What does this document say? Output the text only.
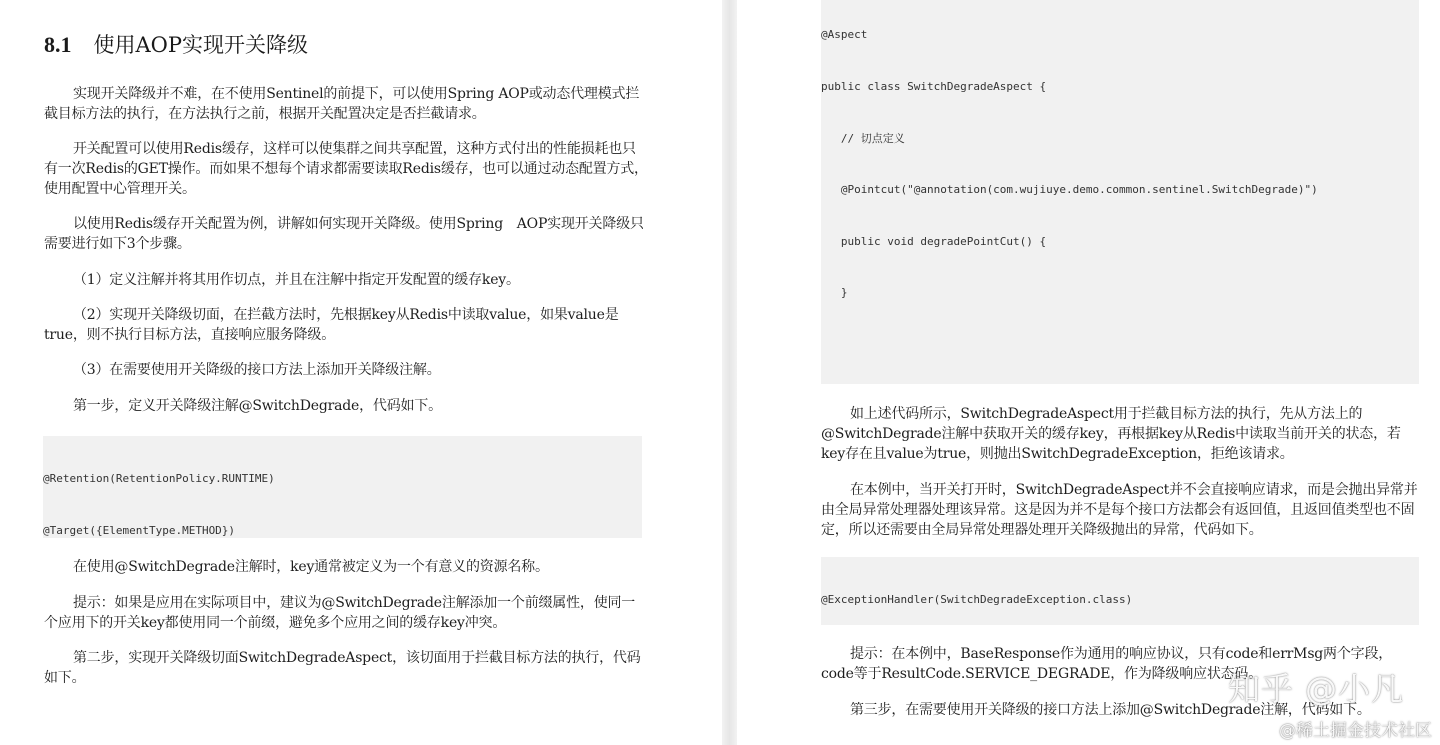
8.1 使用AOP实现开关降级

实现开关降级并不难，在不使用Sentinel的前提下，可以使用Spring AOP或动态代理模式拦截目标方法的执行，在方法执行之前，根据开关配置决定是否拦截请求。

开关配置可以使用Redis缓存，这样可以使集群之间共享配置，这种方式付出的性能损耗也只有一次Redis的GET操作。而如果不想每个请求都需要读取Redis缓存，也可以通过动态配置方式，使用配置中心管理开关。

以使用Redis缓存开关配置为例，讲解如何实现开关降级。使用Spring　AOP实现开关降级只需要进行如下3个步骤。

（1）定义注解并将其用作切点，并且在注解中指定开发配置的缓存key。

（2）实现开关降级切面，在拦截方法时，先根据key从Redis中读取value，如果value是true，则不执行目标方法，直接响应服务降级。

（3）在需要使用开关降级的接口方法上添加开关降级注解。

第一步，定义开关降级注解@SwitchDegrade，代码如下。

@Retention(RetentionPolicy.RUNTIME)

@Target({ElementType.METHOD})

在使用@SwitchDegrade注解时，key通常被定义为一个有意义的资源名称。

提示：如果是应用在实际项目中，建议为@SwitchDegrade注解添加一个前缀属性，使同一个应用下的开关key都使用同一个前缀，避免多个应用之间的缓存key冲突。

第二步，实现开关降级切面SwitchDegradeAspect，该切面用于拦截目标方法的执行，代码如下。

@Aspect

public class SwitchDegradeAspect {

// 切点定义

@Pointcut("@annotation(com.wujiuye.demo.common.sentinel.SwitchDegrade)")

public void degradePointCut() {

}

如上述代码所示，SwitchDegradeAspect用于拦截目标方法的执行，先从方法上的@SwitchDegrade注解中获取开关的缓存key，再根据key从Redis中读取当前开关的状态，若key存在且value为true，则抛出SwitchDegradeException，拒绝该请求。

在本例中，当开关打开时，SwitchDegradeAspect并不会直接响应请求，而是会抛出异常并由全局异常处理器处理该异常。这是因为并不是每个接口方法都会有返回值，且返回值类型也不固定，所以还需要由全局异常处理器处理开关降级抛出的异常，代码如下。

@ExceptionHandler(SwitchDegradeException.class)

提示：在本例中，BaseResponse作为通用的响应协议，只有code和errMsg两个字段，code等于ResultCode.SERVICE_DEGRADE，作为降级响应状态码。

第三步，在需要使用开关降级的接口方法上添加@SwitchDegrade注解，代码如下。

知乎 @小凡
@稀土掘金技术社区
